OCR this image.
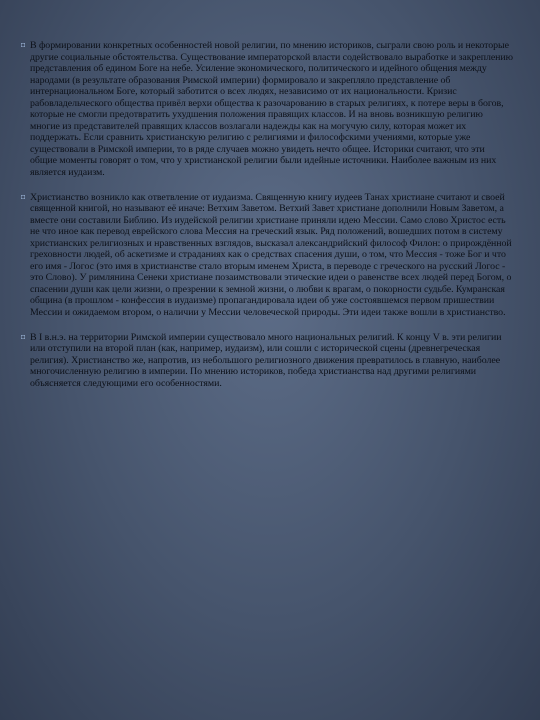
◘ В формировании конкретных особенностей новой религии, по мнению историков, сыграли свою роль и некоторые другие социальные обстоятельства. Существование императорской власти содействовало выработке и закреплению представления об едином Боге на небе. Усиление экономического, политического и идейного общения между народами (в результате образования Римской империи) формировало и закрепляло представление об интернациональном Боге, который заботится о всех людях, независимо от их национальности. Кризис рабовладельческого общества привёл верхи общества к разочарованию в старых религиях, к потере веры в богов, которые не смогли предотвратить ухудшения положения правящих классов. И на вновь возникшую религию многие из представителей правящих классов возлагали надежды как на могучую силу, которая может их поддержать. Если сравнить христианскую религию с религиями и философскими учениями, которые уже существовали в Римской империи, то в ряде случаев можно увидеть нечто общее. Историки считают, что эти общие моменты говорят о том, что у христианской религии были идейные источники. Наиболее важным из них является иудаизм.
◘ Христианство возникло как ответвление от иудаизма. Священную книгу иудеев Танах христиане считают и своей священной книгой, но называют её иначе: Ветхим Заветом. Ветхий Завет христиане дополнили Новым Заветом, а вместе они составили Библию. Из иудейской религии христиане приняли идею Мессии. Само слово Христос есть не что иное как перевод еврейского слова Мессия на греческий язык. Ряд положений, вошедших потом в систему христианских религиозных и нравственных взглядов, высказал александрийский философ Филон: о прирождённой греховности людей, об аскетизме и страданиях как о средствах спасения души, о том, что Мессия - тоже Бог и что его имя - Логос (это имя в христианстве стало вторым именем Христа, в переводе с греческого на русский Логос - это Слово). У римлянина Сенеки христиане позаимствовали этические идеи о равенстве всех людей перед Богом, о спасении души как цели жизни, о презрении к земной жизни, о любви к врагам, о покорности судьбе. Кумранская община (в прошлом - конфессия в иудаизме) пропагандировала идеи об уже состоявшемся первом пришествии Мессии и ожидаемом втором, о наличии у Мессии человеческой природы. Эти идеи также вошли в христианство.
◘ В I в.н.э. на территории Римской империи существовало много национальных религий. К концу V в. эти религии или отступили на второй план (как, например, иудаизм), или сошли с исторической сцены (древнегреческая религия). Христианство же, напротив, из небольшого религиозного движения превратилось в главную, наиболее многочисленную религию в империи. По мнению историков, победа христианства над другими религиями объясняется следующими его особенностями.
